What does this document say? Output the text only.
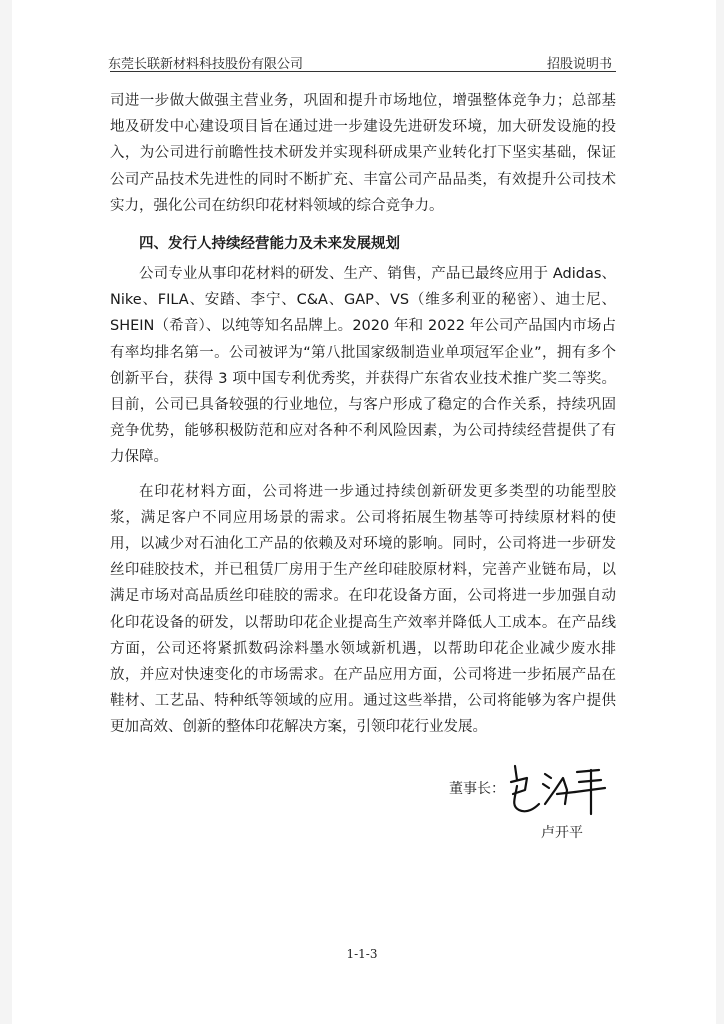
东莞长联新材料科技股份有限公司	招股说明书

司进一步做大做强主营业务，巩固和提升市场地位，增强整体竞争力；总部基地及研发中心建设项目旨在通过进一步建设先进研发环境，加大研发设施的投入，为公司进行前瞻性技术研发并实现科研成果产业转化打下坚实基础，保证公司产品技术先进性的同时不断扩充、丰富公司产品品类，有效提升公司技术实力，强化公司在纺织印花材料领域的综合竞争力。

四、发行人持续经营能力及未来发展规划

公司专业从事印花材料的研发、生产、销售，产品已最终应用于 Adidas、Nike、FILA、安踏、李宁、C&A、GAP、VS（维多利亚的秘密）、迪士尼、SHEIN（希音）、以纯等知名品牌上。2020 年和 2022 年公司产品国内市场占有率均排名第一。公司被评为“第八批国家级制造业单项冠军企业”，拥有多个创新平台，获得 3 项中国专利优秀奖，并获得广东省农业技术推广奖二等奖。目前，公司已具备较强的行业地位，与客户形成了稳定的合作关系，持续巩固竞争优势，能够积极防范和应对各种不利风险因素，为公司持续经营提供了有力保障。

在印花材料方面，公司将进一步通过持续创新研发更多类型的功能型胶浆，满足客户不同应用场景的需求。公司将拓展生物基等可持续原材料的使用，以减少对石油化工产品的依赖及对环境的影响。同时，公司将进一步研发丝印硅胶技术，并已租赁厂房用于生产丝印硅胶原材料，完善产业链布局，以满足市场对高品质丝印硅胶的需求。在印花设备方面，公司将进一步加强自动化印花设备的研发，以帮助印花企业提高生产效率并降低人工成本。在产品线方面，公司还将紧抓数码涂料墨水领域新机遇，以帮助印花企业减少废水排放，并应对快速变化的市场需求。在产品应用方面，公司将进一步拓展产品在鞋材、工艺品、特种纸等领域的应用。通过这些举措，公司将能够为客户提供更加高效、创新的整体印花解决方案，引领印花行业发展。

董事长：
卢开平
1-1-3
